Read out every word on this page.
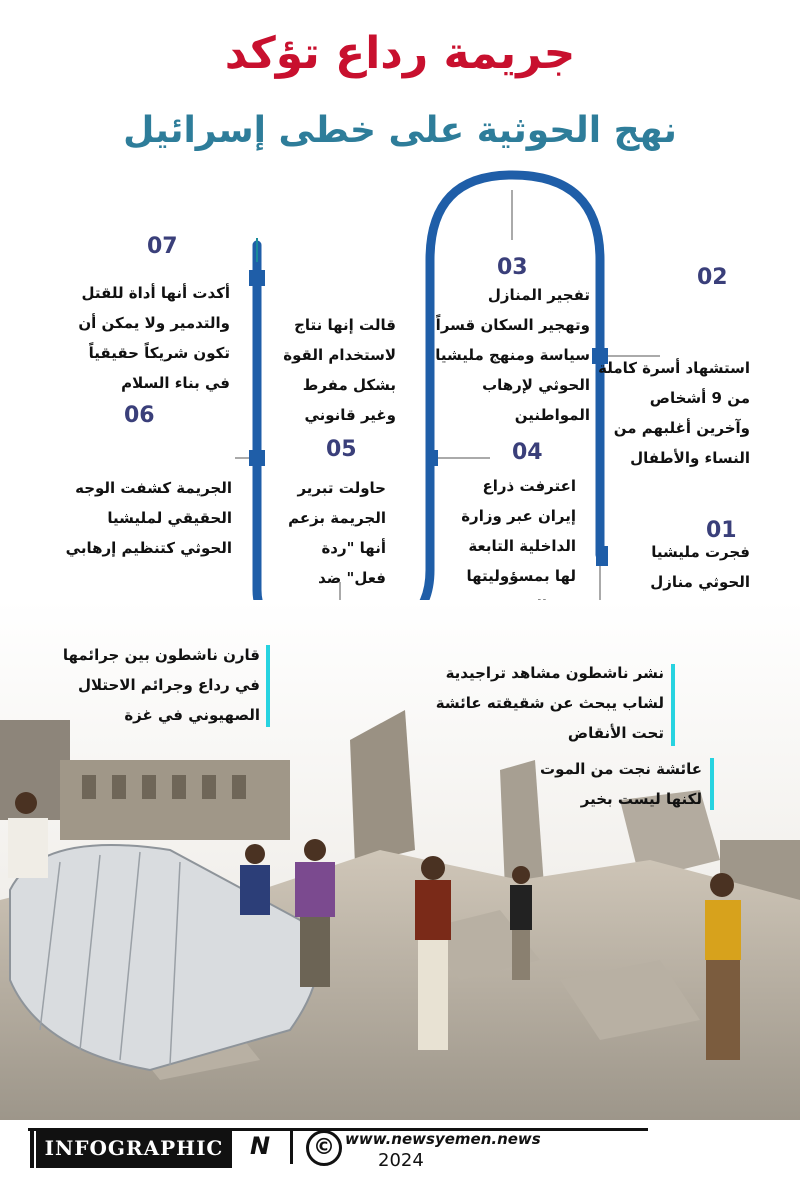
جريمة رداع تؤكد
نهج الحوثية على خطى إسرائيل
07
06
05	04
03	02
01
أكدت أنها أداة للقتل والتدمير ولا يمكن أن تكون شريكاً حقيقياً في بناء السلام
قالت إنها نتاج لاستخدام القوة بشكل مفرط وغير قانوني
الجريمة كشفت الوجه الحقيقي لمليشيا الحوثي كتنظيم إرهابي
حاولت تبرير الجريمة بزعم أنها "ردة فعل" ضد
تفجير المنازل وتهجير السكان قسراً سياسة ومنهج مليشيا الحوثي لإرهاب المواطنين
اعترفت ذراع إيران عبر وزارة الداخلية التابعة لها بمسؤوليتها
استشهاد أسرة كاملة من 9 أشخاص وآخرين أغلبهم من النساء والأطفال
فجرت مليشيا الحوثي منازل
قارن ناشطون بين جرائمها في رداع وجرائم الاحتلال الصهيوني في غزة
نشر ناشطون مشاهد تراجيدية لشاب يبحث عن شقيقته عائشة تحت الأنقاض
عائشة نجت من الموت لكنها ليست بخير
INFOGRAPHIC	N	© www.newsyemen.news
2024
